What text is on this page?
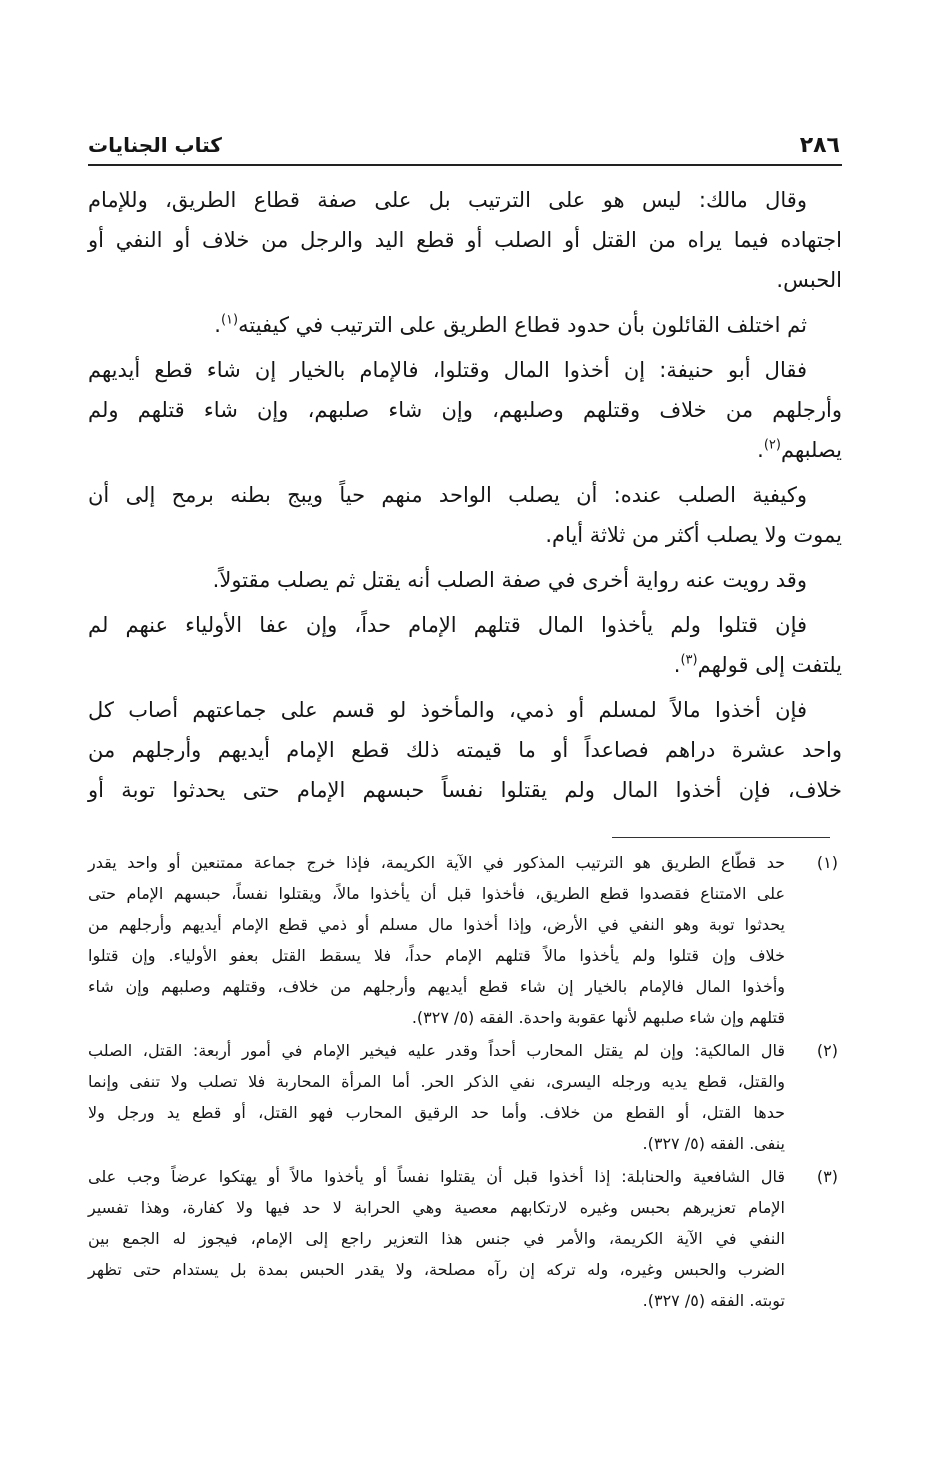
٢٨٦
كتاب الجنايات
وقال مالك: ليس هو على الترتيب بل على صفة قطاع الطريق، وللإمام
اجتهاده فيما يراه من القتل أو الصلب أو قطع اليد والرجل من خلاف أو النفي أو
الحبس.
ثم اختلف القائلون بأن حدود قطاع الطريق على الترتيب في كيفيته$^{(١)}$.
فقال أبو حنيفة: إن أخذوا المال وقتلوا، فالإمام بالخيار إن شاء قطع أيديهم
وأرجلهم من خلاف وقتلهم وصلبهم، وإن شاء صلبهم، وإن شاء قتلهم ولم
يصلبهم$^{(٢)}$.
وكيفية الصلب عنده: أن يصلب الواحد منهم حياً ويبج بطنه برمح إلى أن
يموت ولا يصلب أكثر من ثلاثة أيام.
وقد رويت عنه رواية أخرى في صفة الصلب أنه يقتل ثم يصلب مقتولاً.
فإن قتلوا ولم يأخذوا المال قتلهم الإمام حداً، وإن عفا الأولياء عنهم لم
يلتفت إلى قولهم$^{(٣)}$.
فإن أخذوا مالاً لمسلم أو ذمي، والمأخوذ لو قسم على جماعتهم أصاب كل
واحد عشرة دراهم فصاعداً أو ما قيمته ذلك قطع الإمام أيديهم وأرجلهم من
خلاف، فإن أخذوا المال ولم يقتلوا نفساً حبسهم الإمام حتى يحدثوا توبة أو
(١)
حد قطّاع الطريق هو الترتيب المذكور في الآية الكريمة، فإذا خرج جماعة ممتنعين أو واحد يقدر
على الامتناع فقصدوا قطع الطريق، فأخذوا قبل أن يأخذوا مالاً، ويقتلوا نفساً، حبسهم الإمام حتى
يحدثوا توبة وهو النفي في الأرض، وإذا أخذوا مال مسلم أو ذمي قطع الإمام أيديهم وأرجلهم من
خلاف وإن قتلوا ولم يأخذوا مالاً قتلهم الإمام حداً، فلا يسقط القتل بعفو الأولياء. وإن قتلوا
وأخذوا المال فالإمام بالخيار إن شاء قطع أيديهم وأرجلهم من خلاف، وقتلهم وصلبهم وإن شاء
قتلهم وإن شاء صلبهم لأنها عقوبة واحدة. الفقه (٥/ ٣٢٧).
(٢)
قال المالكية: وإن لم يقتل المحارب أحداً وقدر عليه فيخير الإمام في أمور أربعة: القتل، الصلب
والقتل، قطع يديه ورجله اليسرى، نفي الذكر الحر. أما المرأة المحاربة فلا تصلب ولا تنفى وإنما
حدها القتل، أو القطع من خلاف. وأما حد الرقيق المحارب فهو القتل، أو قطع يد ورجل ولا
ينفى. الفقه (٥/ ٣٢٧).
(٣)
قال الشافعية والحنابلة: إذا أخذوا قبل أن يقتلوا نفساً أو يأخذوا مالاً أو يهتكوا عرضاً وجب على
الإمام تعزيرهم بحبس وغيره لارتكابهم معصية وهي الحرابة لا حد فيها ولا كفارة، وهذا تفسير
النفي في الآية الكريمة، والأمر في جنس هذا التعزير راجع إلى الإمام، فيجوز له الجمع بين
الضرب والحبس وغيره، وله تركه إن رآه مصلحة، ولا يقدر الحبس بمدة بل يستدام حتى تظهر
توبته. الفقه (٥/ ٣٢٧).
